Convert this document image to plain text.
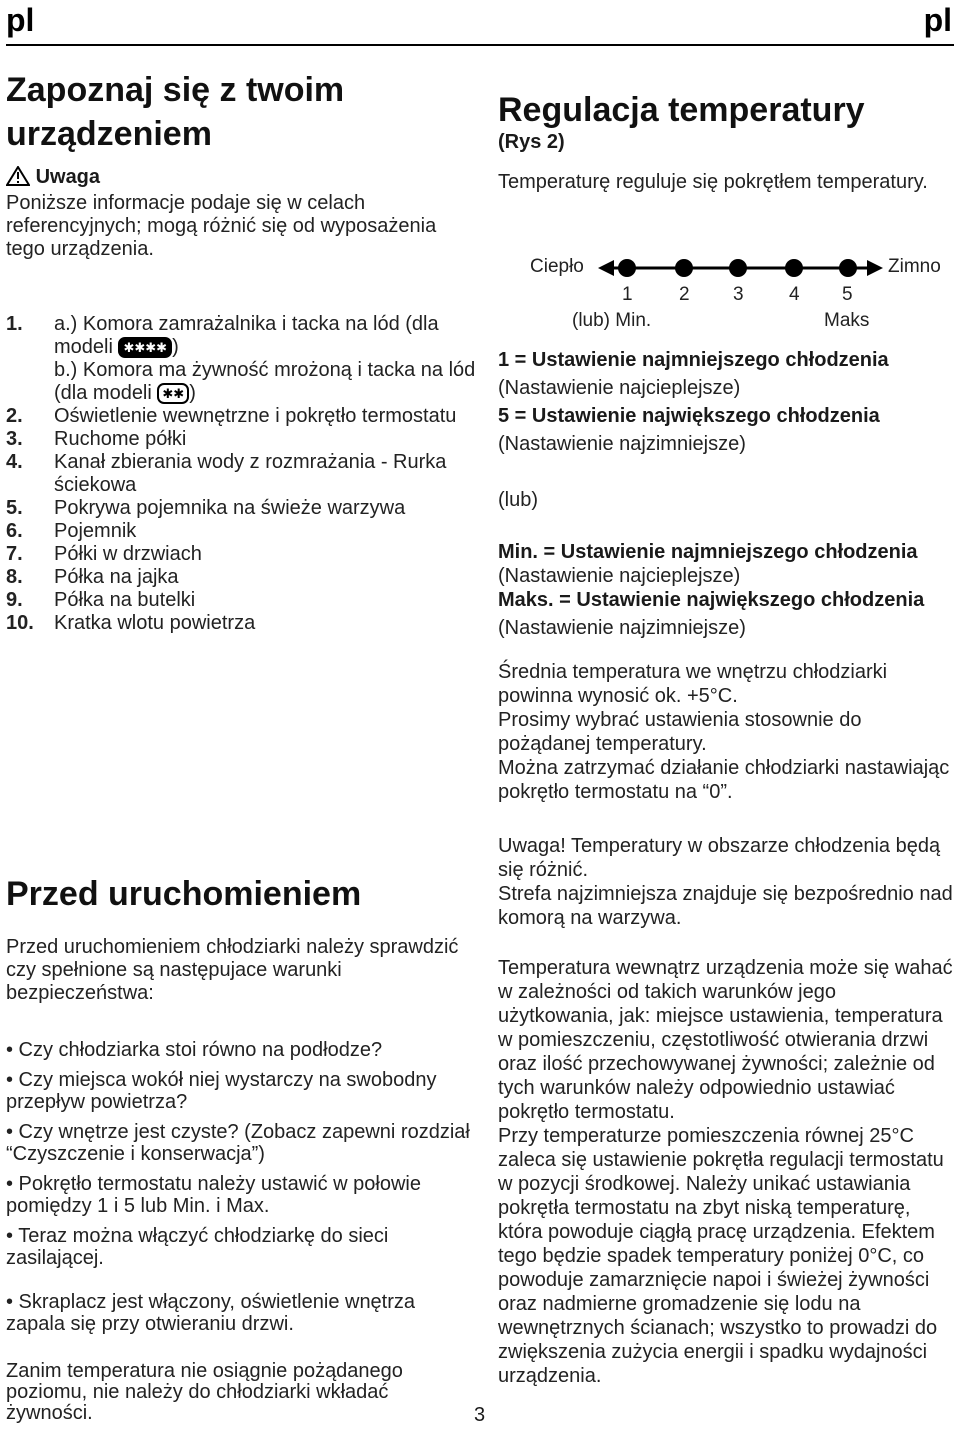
pl	pl
Zapoznaj się z twoim urządzeniem
Uwaga
Poniższe informacje podaje się w celach referencyjnych; mogą różnić się od wyposażenia tego urządzenia.
1. a.) Komora zamrażalnika i tacka na lód (dla modeli ✱✱✱✱ )
b.) Komora ma żywność mrożoną i tacka na lód (dla modeli ✱✱ )
2. Oświetlenie wewnętrzne i pokrętło termostatu
3. Ruchome półki
4. Kanał zbierania wody z rozmrażania - Rurka ściekowa
5. Pokrywa pojemnika na świeże warzywa
6. Pojemnik
7. Półki w drzwiach
8. Półka na jajka
9. Półka na butelki
10. Kratka wlotu powietrza
Przed uruchomieniem
Przed uruchomieniem chłodziarki należy sprawdzić czy spełnione są następujace warunki bezpieczeństwa:
• Czy chłodziarka stoi równo na podłodze?
• Czy miejsca wokół niej wystarczy na swobodny przepływ powietrza?
• Czy wnętrze jest czyste? (Zobacz zapewni rozdział “Czyszczenie i konserwacja”)
• Pokrętło termostatu należy ustawić w połowie pomiędzy 1 i 5 lub Min. i Max.
• Teraz można włączyć chłodziarkę do sieci zasilającej.
• Skraplacz jest włączony, oświetlenie wnętrza zapala się przy otwieraniu drzwi.
Zanim temperatura nie osiągnie pożądanego poziomu, nie należy do chłodziarki wkładać żywności.
Regulacja temperatury
(Rys 2)

Temperaturę reguluje się pokrętłem temperatury.

Ciepło	Zimno
1 2 3 4 5
(lub) Min.	Maks
1 = Ustawienie najmniejszego chłodzenia
(Nastawienie najcieplejsze)
5 = Ustawienie największego chłodzenia
(Nastawienie najzimniejsze)
(lub)
Min. = Ustawienie najmniejszego chłodzenia
(Nastawienie najcieplejsze)
Maks. = Ustawienie największego chłodzenia
(Nastawienie najzimniejsze)

Średnia temperatura we wnętrzu chłodziarki powinna wynosić ok. +5°C.

Prosimy wybrać ustawienia stosownie do pożądanej temperatury.

Można zatrzymać działanie chłodziarki nastawiając pokrętło termostatu na “0”.

Uwaga! Temperatury w obszarze chłodzenia będą się różnić.

Strefa najzimniejsza znajduje się bezpośrednio nad komorą na warzywa.

Temperatura wewnątrz urządzenia może się wahać w zależności od takich warunków jego użytkowania, jak: miejsce ustawienia, temperatura w pomieszczeniu, częstotliwość otwierania drzwi oraz ilość przechowywanej żywności; zależnie od tych warunków należy odpowiednio ustawiać pokrętło termostatu.

Przy temperaturze pomieszczenia równej 25°C zaleca się ustawienie pokrętła regulacji termostatu w pozycji środkowej. Należy unikać ustawiania pokrętła termostatu na zbyt niską temperaturę, która powoduje ciągłą pracę urządzenia. Efektem tego będzie spadek temperatury poniżej 0°C, co powoduje zamarznięcie napoi i świeżej żywności oraz nadmierne gromadzenie się lodu na wewnętrznych ścianach; wszystko to prowadzi do zwiększenia zużycia energii i spadku wydajności urządzenia.

3
